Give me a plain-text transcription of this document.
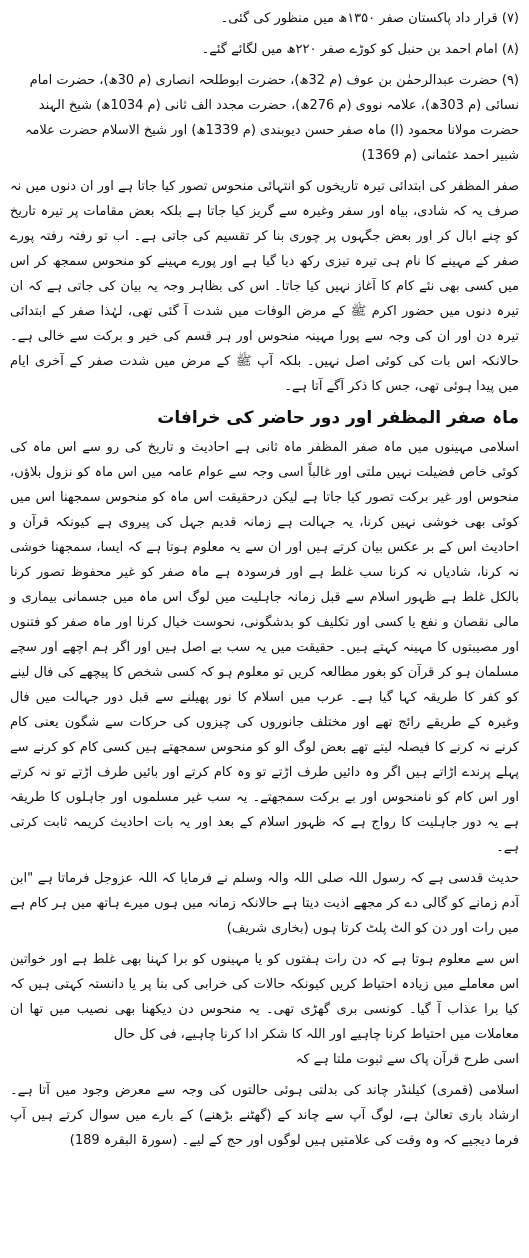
(۷) قرار داد پاکستان صفر ۱۳۵۰ھ میں منظور کی گئی۔

(۸) امام احمد بن حنبل کو کوڑے صفر ۲۲۰ھ میں لگائے گئے۔

(۹) حضرت عبدالرحمٰن بن عوف (م 32ھ)، حضرت ابوطلحہ انصاری (م 30ھ)، حضرت امام نسائی (م 303ھ)، علامہ نووی (م 276ھ)، حضرت مجدد الف ثانی (م 1034ھ) شیخ الہند حضرت مولانا محمود (ا) ماہ صفر حسن دیوبندی (م 1339ھ) اور شیخ الاسلام حضرت علامہ شبیر احمد عثمانی (م 1369)

صفر المظفر کی ابتدائی تیرہ تاریخوں کو انتہائی منحوس تصور کیا جاتا ہے اور ان دنوں میں نہ صرف یہ کہ شادی، بیاہ اور سفر وغیرہ سے گریز کیا جاتا ہے بلکہ بعض مقامات پر تیرہ تاریخ کو چنے ابال کر اور بعض جگہوں پر چوری بنا کر تقسیم کی جاتی ہے۔ اب تو رفتہ رفتہ پورے صفر کے مہینے کا نام ہی تیرہ تیزی رکھ دیا گیا ہے اور پورے مہینے کو منحوس سمجھ کر اس میں کسی بھی نئے کام کا آغاز نہیں کیا جاتا۔ اس کی بظاہر وجہ یہ بیان کی جاتی ہے کہ ان تیرہ دنوں میں حضور اکرم ﷺ کے مرض الوفات میں شدت آ گئی تھی، لہٰذا صفر کے ابتدائی تیرہ دن اور ان کی وجہ سے پورا مہینہ منحوس اور ہر قسم کی خیر و برکت سے خالی ہے۔ حالانکہ اس بات کی کوئی اصل نہیں۔ بلکہ آپ ﷺ کے مرض میں شدت صفر کے آخری ایام میں پیدا ہوئی تھی، جس کا ذکر آگے آتا ہے۔

ماہ صفر المظفر اور دور حاضر کی خرافات

اسلامی مہینوں میں ماہ صفر المظفر ماہ ثانی ہے احادیث و تاریخ کی رو سے اس ماہ کی کوئی خاص فضیلت نہیں ملتی اور غالباً اسی وجہ سے عوام عامہ میں اس ماہ کو نزول بلاؤں، منحوس اور غیر برکت تصور کیا جاتا ہے لیکن درحقیقت اس ماہ کو منحوس سمجھنا اس میں کوئی بھی خوشی نہیں کرنا، یہ جہالت ہے زمانہ قدیم جہل کی پیروی ہے کیونکہ قرآن و احادیث اس کے بر عکس بیان کرتے ہیں اور ان سے یہ معلوم ہوتا ہے کہ ایسا، سمجھنا خوشی نہ کرنا، شادیاں نہ کرنا سب غلط ہے اور فرسودہ ہے ماہ صفر کو غیر محفوظ تصور کرنا بالکل غلط ہے ظہور اسلام سے قبل زمانہ جاہلیت میں لوگ اس ماہ میں جسمانی بیماری و مالی نقصان و نفع یا کسی اور تکلیف کو بدشگونی، نحوست خیال کرنا اور ماہ صفر کو فتنوں اور مصیبتوں کا مہینہ کہتے ہیں۔ حقیقت میں یہ سب بے اصل ہیں اور اگر ہم اچھے اور سچے مسلمان ہو کر قرآن کو بغور مطالعہ کریں تو معلوم ہو کہ کسی شخص کا پیچھے کی فال لینے کو کفر کا طریقہ کہا گیا ہے۔ عرب میں اسلام کا نور پھیلنے سے قبل دور جہالت میں فال وغیرہ کے طریقے رائج تھے اور مختلف جانوروں کی چیزوں کی حرکات سے شگون یعنی کام کرنے نہ کرنے کا فیصلہ لیتے تھے بعض لوگ الو کو منحوس سمجھتے ہیں کسی کام کو کرنے سے پہلے پرندے اڑاتے ہیں اگر وہ دائیں طرف اڑتے تو وہ کام کرتے اور بائیں طرف اڑتے تو نہ کرتے اور اس کام کو نامنحوس اور بے برکت سمجھتے۔ یہ سب غیر مسلموں اور جاہلوں کا طریقہ ہے یہ دور جاہلیت کا رواج ہے کہ ظہور اسلام کے بعد اور یہ بات احادیث کریمہ ثابت کرتی ہے۔

حدیث قدسی ہے کہ رسول اللہ صلی اللہ والہ وسلم نے فرمایا کہ اللہ عزوجل فرماتا ہے "ابن آدم زمانے کو گالی دے کر مجھے اذیت دیتا ہے حالانکہ زمانہ میں ہوں میرے ہاتھ میں ہر کام ہے میں رات اور دن کو الٹ پلٹ کرتا ہوں (بخاری شریف)

اس سے معلوم ہوتا ہے کہ دن رات ہفتوں کو یا مہینوں کو برا کہنا بھی غلط ہے اور خواتین اس معاملے میں زیادہ احتیاط کریں کیونکہ حالات کی خرابی کی بنا پر یا دانستہ کہتی ہیں کہ کیا برا عذاب آ گیا۔ کونسی بری گھڑی تھی۔ یہ منحوس دن دیکھنا بھی نصیب میں تھا ان معاملات میں احتیاط کرنا چاہیے اور اللہ کا شکر ادا کرنا چاہیے، فی کل حال

اسی طرح قرآن پاک سے ثبوت ملتا ہے کہ

اسلامی (قمری) کیلنڈر چاند کی بدلتی ہوئی حالتوں کی وجہ سے معرض وجود میں آتا ہے۔ ارشاد باری تعالیٰ ہے، لوگ آپ سے چاند کے (گھٹنے بڑھنے) کے بارے میں سوال کرتے ہیں آپ فرما دیجیے کہ وہ وقت کی علامتیں ہیں لوگوں اور حج کے لیے۔ (سورۃ البقرہ 189)
